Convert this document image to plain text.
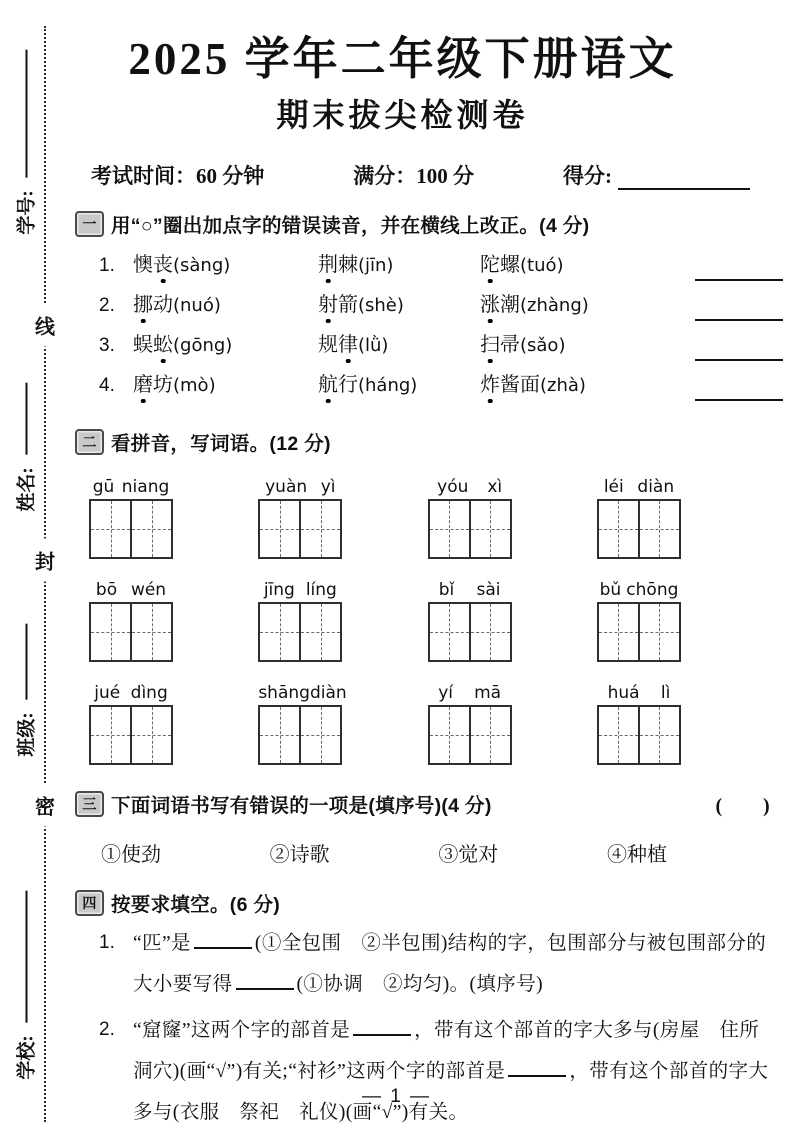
线
封
密
学号:
姓名:
班级:
学校:
2025 学年二年级下册语文
期末拔尖检测卷
考试时间：60 分钟	满分：100 分	得分:
一 用“○”圈出加点字的错误读音，并在横线上改正。(4 分)
1. 懊丧(sàng)	荆棘(jīn)	陀螺(tuó)
2. 挪动(nuó)	射箭(shè)	涨潮(zhàng)
3. 蜈蚣(gōng)	规律(lǜ)	扫帚(sǎo)
4. 磨坊(mò)	航行(háng)	炸酱面(zhà)
二 看拼音，写词语。(12 分)
gū niang	yuàn yì	yóu xì	léi diàn
bō wén	jīng líng	bǐ sài	bǔ chōng
jué dìng	shāng diàn	yí mā	huá lì
三 下面词语书写有错误的一项是(填序号)(4 分)	(　　)
①使劲	②诗歌	③觉对	④种植
四 按要求填空。(6 分)
1. “匹”是	(①全包围　②半包围)结构的字，包围部分与被包围部分的大小要写得	(①协调　②均匀)。(填序号)
2. “窟窿”这两个字的部首是	，带有这个部首的字大多与(房屋　住所　洞穴)(画“√”)有关;“衬衫”这两个字的部首是	，带有这个部首的字大多与(衣服　祭祀　礼仪)(画“√”)有关。
— 1 —
